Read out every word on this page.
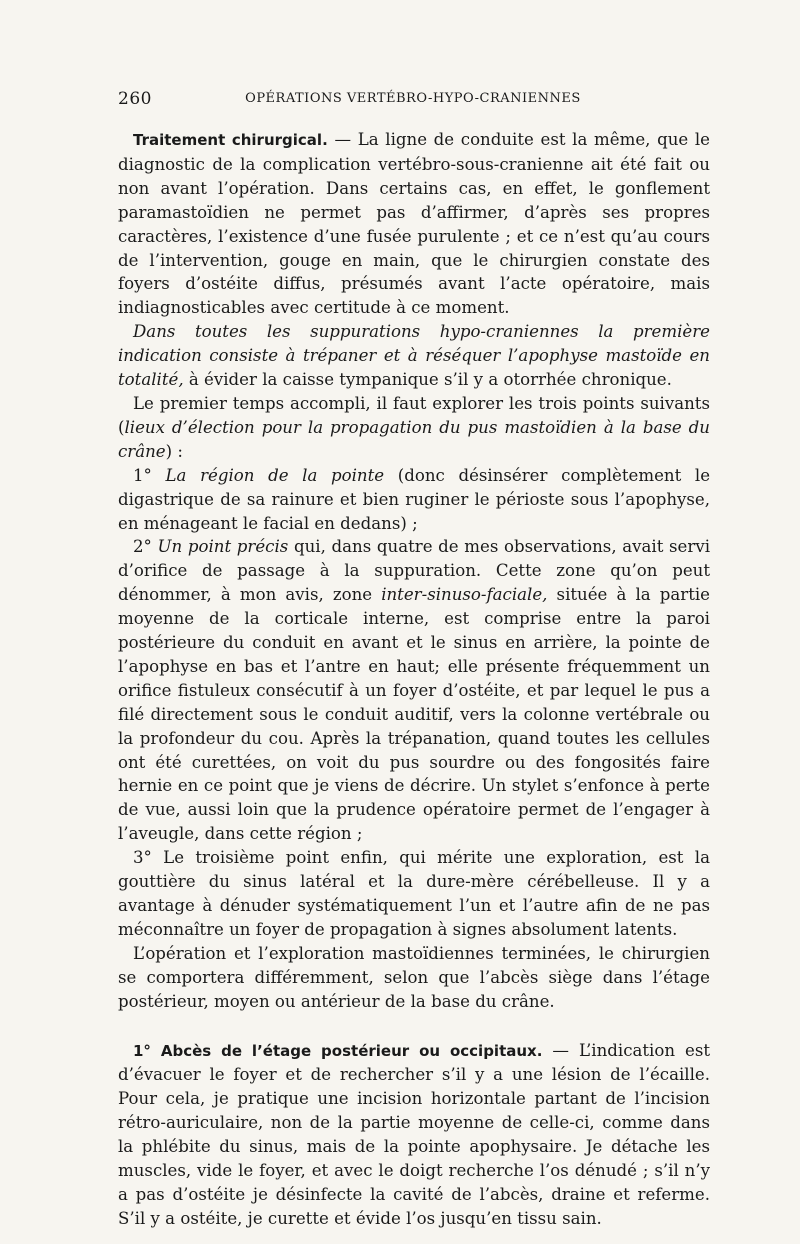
260	OPÉRATIONS VERTÉBRO-HYPO-CRANIENNES

Traitement chirurgical. — La ligne de conduite est la même, que le diagnostic de la complication vertébro-sous-cranienne ait été fait ou non avant l’opération. Dans certains cas, en effet, le gonflement paramastoïdien ne permet pas d’affirmer, d’après ses propres caractères, l’existence d’une fusée purulente ; et ce n’est qu’au cours de l’intervention, gouge en main, que le chirurgien constate des foyers d’ostéite diffus, présumés avant l’acte opératoire, mais indiagnosticables avec certitude à ce moment.

Dans toutes les suppurations hypo-craniennes la première indication consiste à trépaner et à réséquer l’apophyse mastoïde en totalité, à évider la caisse tympanique s’il y a otorrhée chronique.

Le premier temps accompli, il faut explorer les trois points suivants (lieux d’élection pour la propagation du pus mastoïdien à la base du crâne) :

1° La région de la pointe (donc désinsérer complètement le digastrique de sa rainure et bien ruginer le périoste sous l’apophyse, en ménageant le facial en dedans) ;

2° Un point précis qui, dans quatre de mes observations, avait servi d’orifice de passage à la suppuration. Cette zone qu’on peut dénommer, à mon avis, zone inter-sinuso-faciale, située à la partie moyenne de la corticale interne, est comprise entre la paroi postérieure du conduit en avant et le sinus en arrière, la pointe de l’apophyse en bas et l’antre en haut; elle présente fréquemment un orifice fistuleux consécutif à un foyer d’ostéite, et par lequel le pus a filé directement sous le conduit auditif, vers la colonne vertébrale ou la profondeur du cou. Après la trépanation, quand toutes les cellules ont été curettées, on voit du pus sourdre ou des fongosités faire hernie en ce point que je viens de décrire. Un stylet s’enfonce à perte de vue, aussi loin que la prudence opératoire permet de l’engager à l’aveugle, dans cette région ;

3° Le troisième point enfin, qui mérite une exploration, est la gouttière du sinus latéral et la dure-mère cérébelleuse. Il y a avantage à dénuder systématiquement l’un et l’autre afin de ne pas méconnaître un foyer de propagation à signes absolument latents.

L’opération et l’exploration mastoïdiennes terminées, le chirurgien se comportera différemment, selon que l’abcès siège dans l’étage postérieur, moyen ou antérieur de la base du crâne.

1° Abcès de l’étage postérieur ou occipitaux. — L’indication est d’évacuer le foyer et de rechercher s’il y a une lésion de l’écaille. Pour cela, je pratique une incision horizontale partant de l’incision rétro-auriculaire, non de la partie moyenne de celle-ci, comme dans la phlébite du sinus, mais de la pointe apophysaire. Je détache les muscles, vide le foyer, et avec le doigt recherche l’os dénudé ; s’il n’y a pas d’ostéite je désinfecte la cavité de l’abcès, draine et referme. S’il y a ostéite, je curette et évide l’os jusqu’en tissu sain.
